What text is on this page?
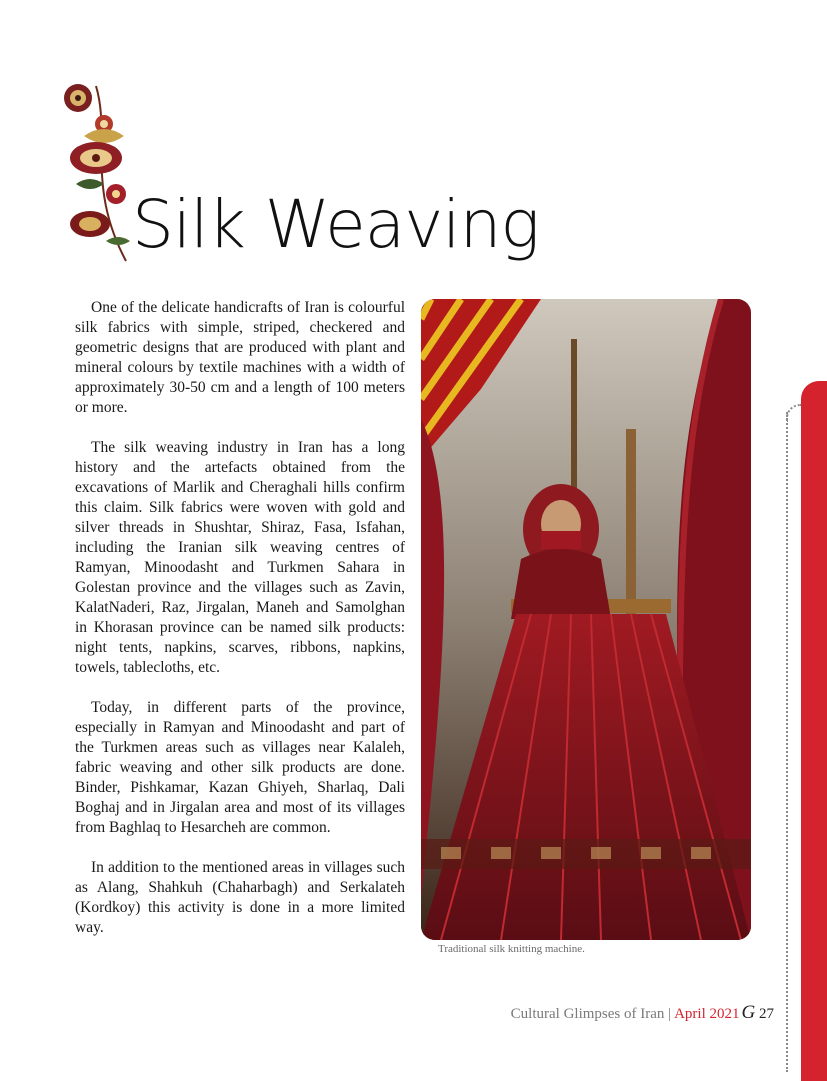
Silk Weaving

One of the delicate handicrafts of Iran is colourful silk fabrics with simple, striped, checkered and geometric designs that are produced with plant and mineral colours by textile machines with a width of approximately 30-50 cm and a length of 100 meters or more.

The silk weaving industry in Iran has a long history and the artefacts obtained from the excavations of Marlik and Cheraghali hills confirm this claim. Silk fabrics were woven with gold and silver threads in Shushtar, Shiraz, Fasa, Isfahan, including the Iranian silk weaving centres of Ramyan, Minoodasht and Turkmen Sahara in Golestan province and the villages such as Zavin, KalatNaderi, Raz, Jirgalan, Maneh and Samolghan in Khorasan province can be named silk products: night tents, napkins, scarves, ribbons, napkins, towels, tablecloths, etc.

Today, in different parts of the province, especially in Ramyan and Minoodasht and part of the Turkmen areas such as villages near Kalaleh, fabric weaving and other silk products are done. Binder, Pishkamar, Kazan Ghiyeh, Sharlaq, Dali Boghaj and in Jirgalan area and most of its villages from Baghlaq to Hesarcheh are common.

In addition to the mentioned areas in villages such as Alang, Shahkuh (Chaharbagh) and Serkalateh (Kordkoy) this activity is done in a more limited way.

Traditional silk knitting machine.
Cultural Glimpses of Iran | April 2021 G 27
